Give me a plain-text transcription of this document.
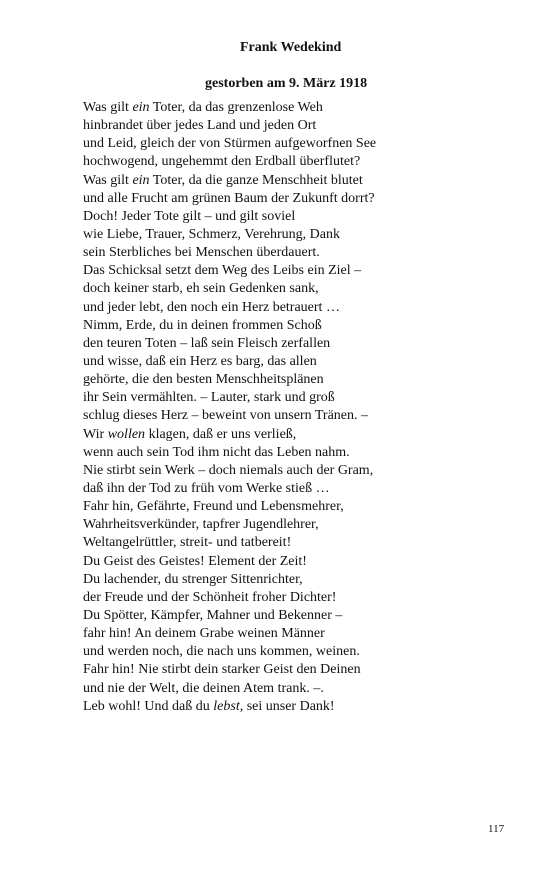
Frank Wedekind
gestorben am 9. März 1918
Was gilt ein Toter, da das grenzenlose Weh
hinbrandet über jedes Land und jeden Ort
und Leid, gleich der von Stürmen aufgeworfnen See
hochwogend, ungehemmt den Erdball überflutet?
Was gilt ein Toter, da die ganze Menschheit blutet
und alle Frucht am grünen Baum der Zukunft dorrt?
Doch! Jeder Tote gilt – und gilt soviel
wie Liebe, Trauer, Schmerz, Verehrung, Dank
sein Sterbliches bei Menschen überdauert.
Das Schicksal setzt dem Weg des Leibs ein Ziel –
doch keiner starb, eh sein Gedenken sank,
und jeder lebt, den noch ein Herz betrauert …
Nimm, Erde, du in deinen frommen Schoß
den teuren Toten – laß sein Fleisch zerfallen
und wisse, daß ein Herz es barg, das allen
gehörte, die den besten Menschheitsplänen
ihr Sein vermählten. – Lauter, stark und groß
schlug dieses Herz – beweint von unsern Tränen. –
Wir wollen klagen, daß er uns verließ,
wenn auch sein Tod ihm nicht das Leben nahm.
Nie stirbt sein Werk – doch niemals auch der Gram,
daß ihn der Tod zu früh vom Werke stieß …
Fahr hin, Gefährte, Freund und Lebensmehrer,
Wahrheitsverkünder, tapfrer Jugendlehrer,
Weltangelrüttler, streit- und tatbereit!
Du Geist des Geistes! Element der Zeit!
Du lachender, du strenger Sittenrichter,
der Freude und der Schönheit froher Dichter!
Du Spötter, Kämpfer, Mahner und Bekenner –
fahr hin! An deinem Grabe weinen Männer
und werden noch, die nach uns kommen, weinen.
Fahr hin! Nie stirbt dein starker Geist den Deinen
und nie der Welt, die deinen Atem trank. –.
Leb wohl! Und daß du lebst, sei unser Dank!
117
